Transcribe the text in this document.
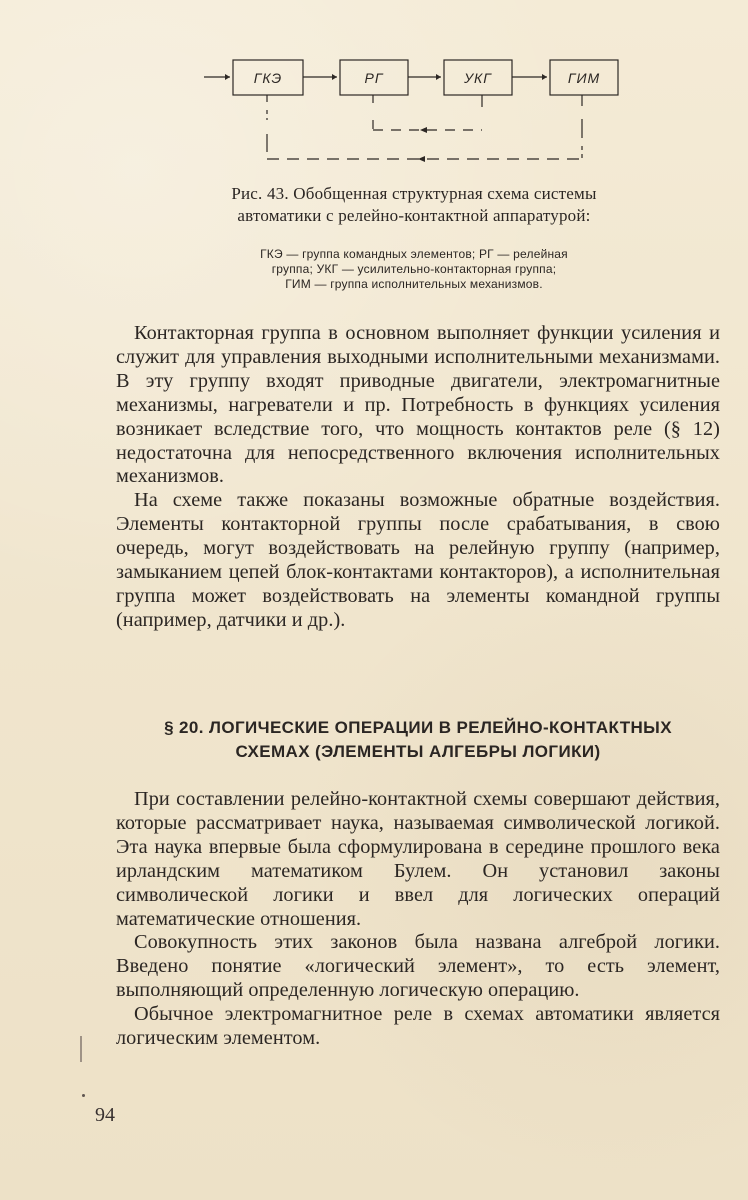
ГКЭ	РГ	УКГ	ГИМ
Рис. 43. Обобщенная структурная схема системы автоматики с релейно-контактной аппаратурой:
ГКЭ — группа командных элементов; РГ — релейная
группа; УКГ — усилительно-контакторная группа;
ГИМ — группа исполнительных механизмов.

Контакторная группа в основном выполняет функции усиления и служит для управления выходными исполнительными механизмами. В эту группу входят приводные двигатели, электромагнитные механизмы, нагреватели и пр. Потребность в функциях усиления возникает вследствие того, что мощность контактов реле (§ 12) недостаточна для непосредственного включения исполнительных механизмов.

На схеме также показаны возможные обратные воздействия. Элементы контакторной группы после срабатывания, в свою очередь, могут воздействовать на релейную группу (например, замыканием цепей блок-контактами контакторов), а исполнительная группа может воздействовать на элементы командной группы (например, датчики и др.).

§ 20. ЛОГИЧЕСКИЕ ОПЕРАЦИИ В РЕЛЕЙНО-КОНТАКТНЫХ
СХЕМАХ (ЭЛЕМЕНТЫ АЛГЕБРЫ ЛОГИКИ)

При составлении релейно-контактной схемы совершают действия, которые рассматривает наука, называемая символической логикой. Эта наука впервые была сформулирована в середине прошлого века ирландским математиком Булем. Он установил законы символической логики и ввел для логических операций математические отношения.

Совокупность этих законов была названа алгеброй логики. Введено понятие «логический элемент», то есть элемент, выполняющий определенную логическую операцию.

Обычное электромагнитное реле в схемах автоматики является логическим элементом.

94
